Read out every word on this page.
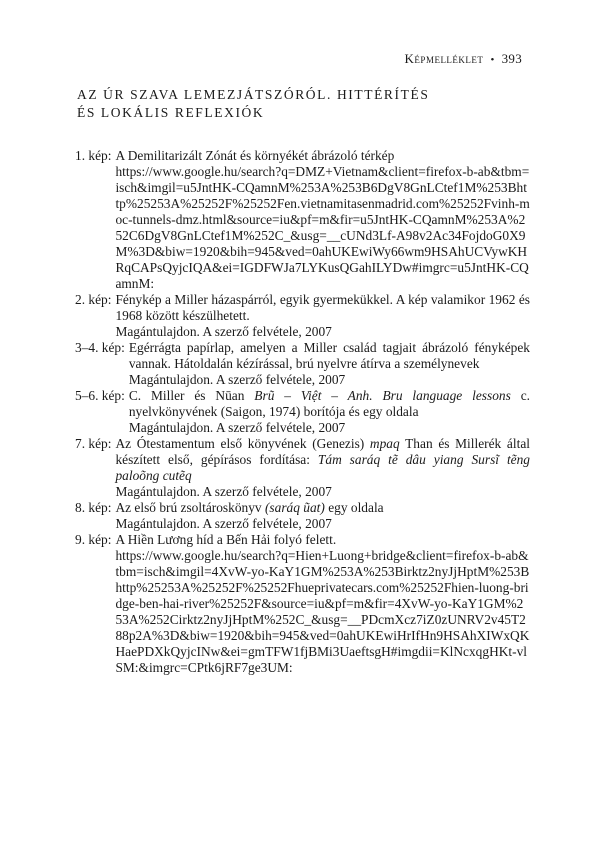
Képmelléklet • 393
AZ ÚR SZAVA LEMEZJÁTSZÓRÓL. HITTÉRÍTÉS
ÉS LOKÁLIS REFLEXIÓK
1. kép: A Demilitarizált Zónát és környékét ábrázoló térkép
https://www.google.hu/search?q=DMZ+Vietnam&client=firefox-b-ab&tbm=isch&imgil=u5JntHK-CQamnM%253A%253B6DgV8GnLCtef1M%253Bhttp%25253A%25252F%25252Fen.vietnamitasenmadrid.com%25252Fvinh-moc-tunnels-dmz.html&source=iu&pf=m&fir=u5JntHK-CQamnM%253A%252C6DgV8GnLCtef1M%252C_&usg=__cUNd3Lf-A98v2Ac34FojdoG0X9M%3D&biw=1920&bih=945&ved=0ahUKEwiWy66wm9HSAhUCVywKHRqCAPsQyjcIQA&ei=IGDFWJa7LYKusQGahILYDw#imgrc=u5JntHK-CQamnM:
2. kép: Fénykép a Miller házaspárról, egyik gyermekükkel. A kép valamikor 1962 és 1968 között készülhetett.
Magántulajdon. A szerző felvétele, 2007
3–4. kép: Egérrágta papírlap, amelyen a Miller család tagjait ábrázoló fényképek vannak. Hátoldalán kézírással, brú nyelvre átírva a személynevek
Magántulajdon. A szerző felvétele, 2007
5–6. kép: C. Miller és Nūan Brũ – Việt – Anh. Bru language lessons c. nyelvkönyvének (Saigon, 1974) borítója és egy oldala
Magántulajdon. A szerző felvétele, 2007
7. kép: Az Ótestamentum első könyvének (Genezis) mpaq Than és Millerék által készített első, gépírásos fordítása: Tám saráq tẽ dâu yiang Sursĩ tẽng paloõng cutẽq
Magántulajdon. A szerző felvétele, 2007
8. kép: Az első brú zsoltároskönyv (saráq ũat) egy oldala
Magántulajdon. A szerző felvétele, 2007
9. kép: A Hiền Lương híd a Bến Hải folyó felett.
https://www.google.hu/search?q=Hien+Luong+bridge&client=firefox-b-ab&tbm=isch&imgil=4XvW-yo-KaY1GM%253A%253Birktz2nyJjHptM%253Bhttp%25253A%25252F%25252Fhueprivatecars.com%25252Fhien-luong-bridge-ben-hai-river%25252F&source=iu&pf=m&fir=4XvW-yo-KaY1GM%253A%252Cirktz2nyJjHptM%252C_&usg=__PDcmXcz7iZ0zUNRV2v45T288p2A%3D&biw=1920&bih=945&ved=0ahUKEwiHrIfHn9HSAhXIWxQKHaePDXkQyjcINw&ei=gmTFW1fjBMi3UaeftsgH#imgdii=KlNcxqgHKt-vlSM:&imgrc=CPtk6jRF7ge3UM:
